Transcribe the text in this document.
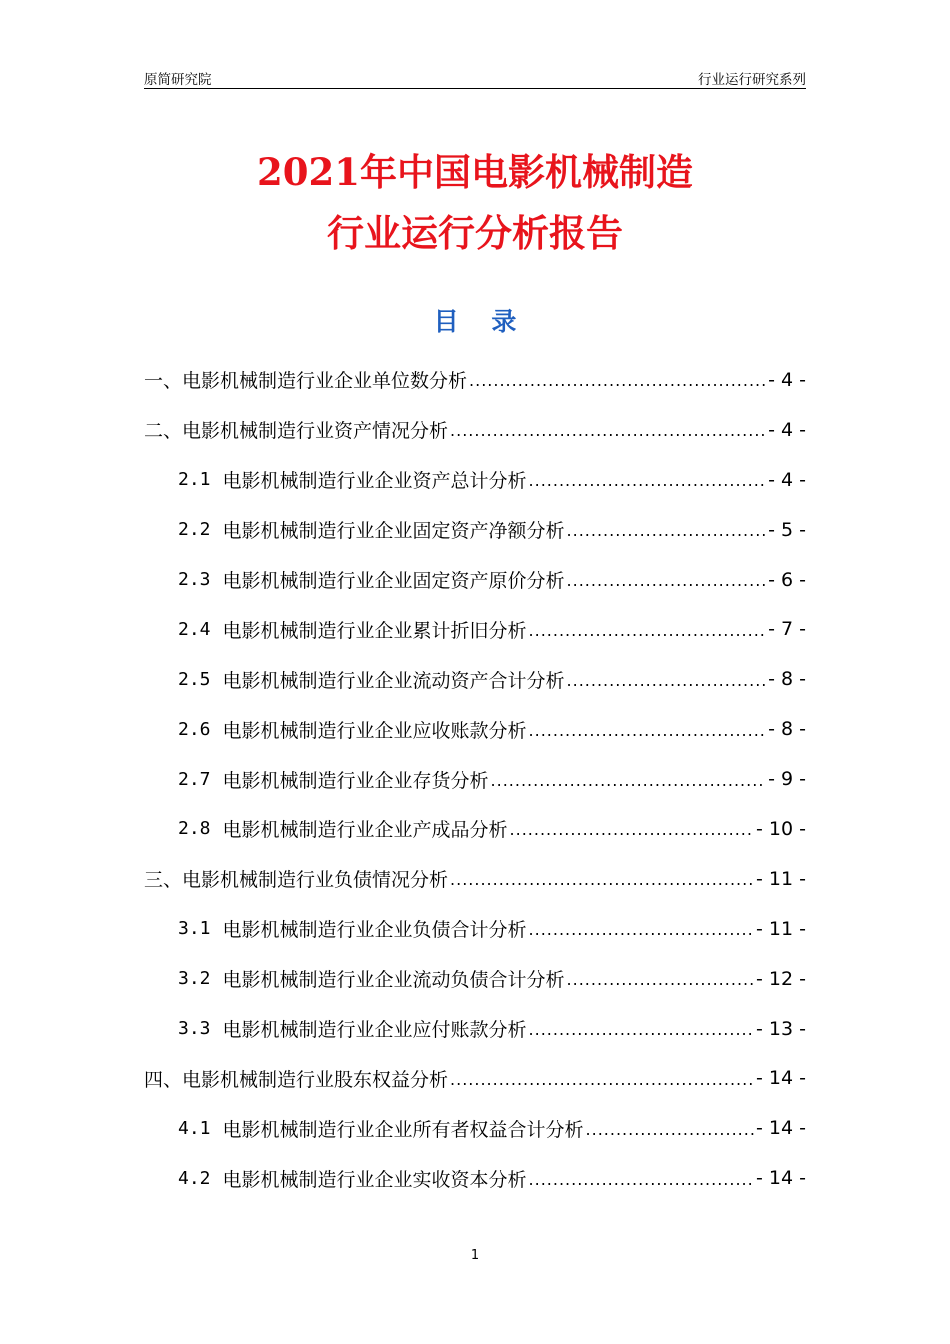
原简研究院	行业运行研究系列
2021年中国电影机械制造
行业运行分析报告
目 录
一、电影机械制造行业企业单位数分析 .....	- 4 -
二、电影机械制造行业资产情况分析 .....	- 4 -
2.1 电影机械制造行业企业资产总计分析 .....	- 4 -
2.2 电影机械制造行业企业固定资产净额分析 .....	- 5 -
2.3 电影机械制造行业企业固定资产原价分析 .....	- 6 -
2.4 电影机械制造行业企业累计折旧分析 .....	- 7 -
2.5 电影机械制造行业企业流动资产合计分析 .....	- 8 -
2.6 电影机械制造行业企业应收账款分析 .....	- 8 -
2.7 电影机械制造行业企业存货分析 .....	- 9 -
2.8 电影机械制造行业企业产成品分析 .....	- 10 -
三、电影机械制造行业负债情况分析 .....	- 11 -
3.1 电影机械制造行业企业负债合计分析 .....	- 11 -
3.2 电影机械制造行业企业流动负债合计分析 .....	- 12 -
3.3 电影机械制造行业企业应付账款分析 .....	- 13 -
四、电影机械制造行业股东权益分析 .....	- 14 -
4.1 电影机械制造行业企业所有者权益合计分析 .....	- 14 -
4.2 电影机械制造行业企业实收资本分析 .....	- 14 -
1
